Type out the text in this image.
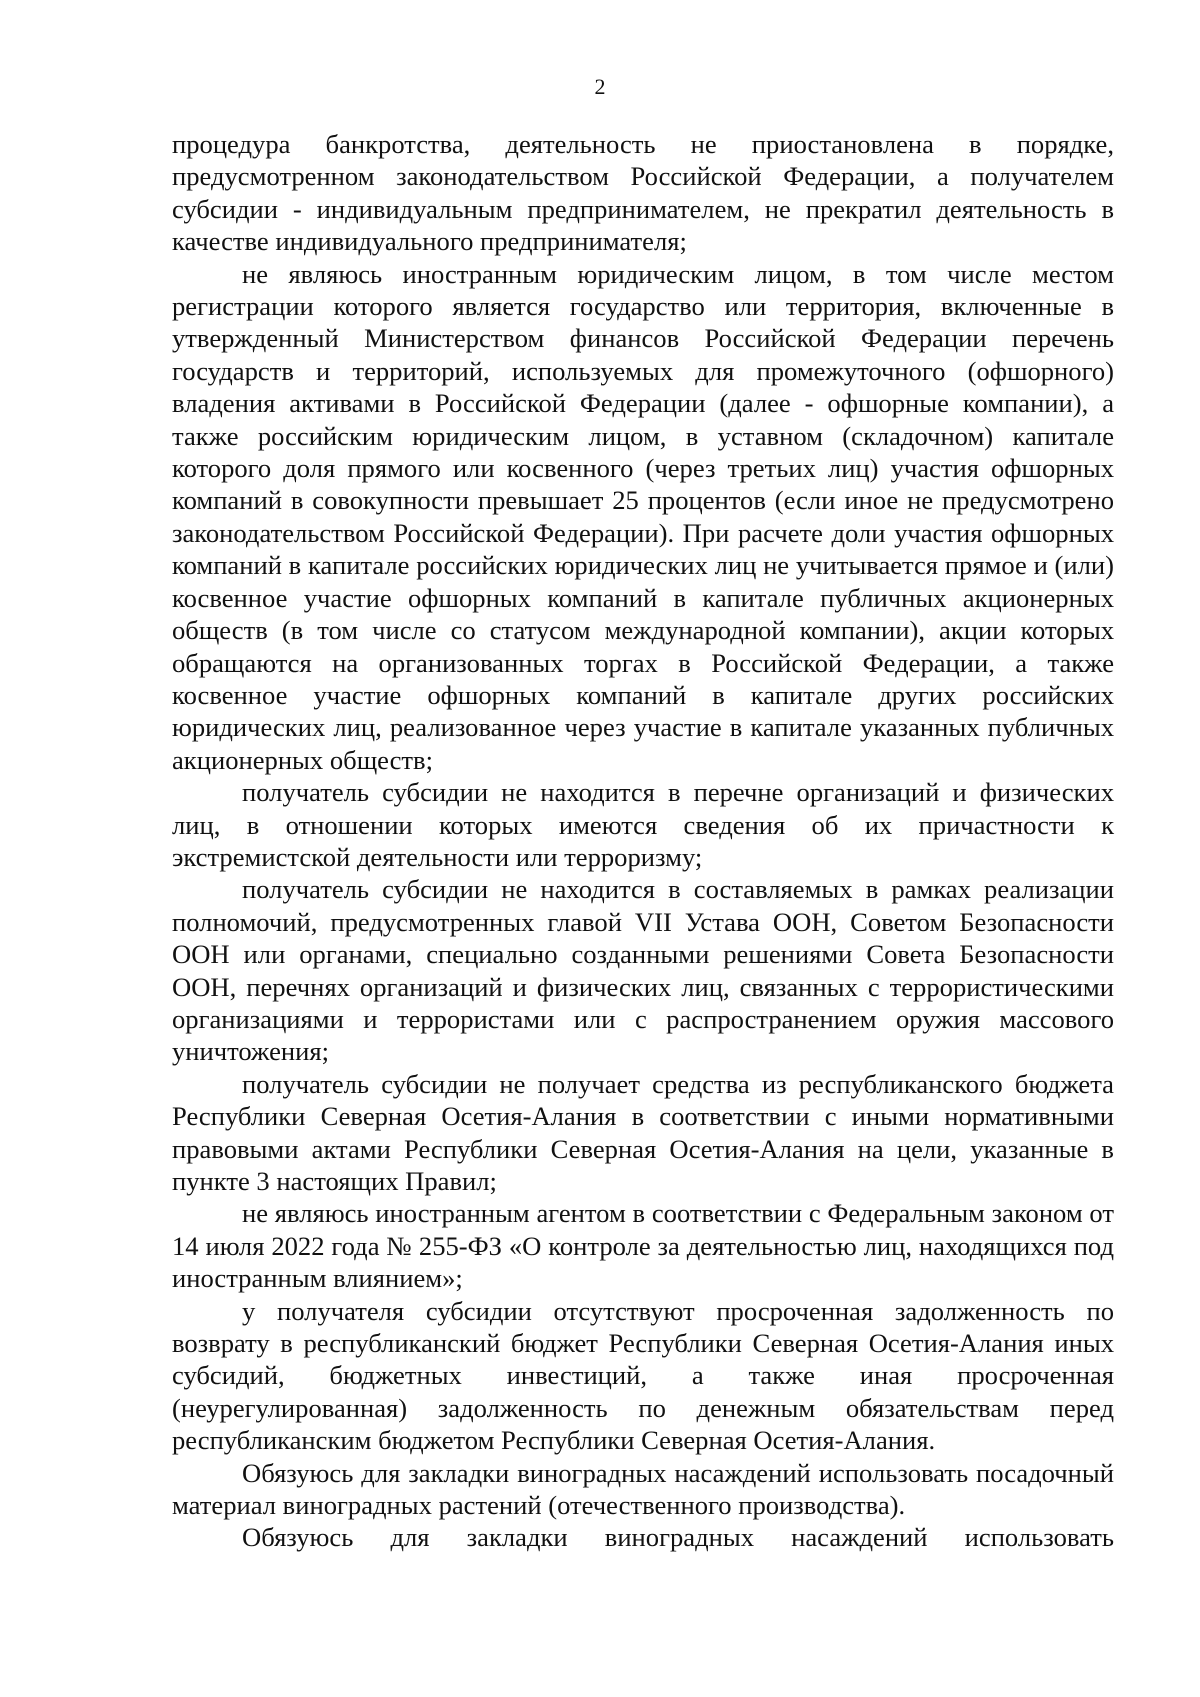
2

процедура банкротства, деятельность не приостановлена в порядке, предусмотренном законодательством Российской Федерации, а получателем субсидии - индивидуальным предпринимателем, не прекратил деятельность в качестве индивидуального предпринимателя;

не являюсь иностранным юридическим лицом, в том числе местом регистрации которого является государство или территория, включенные в утвержденный Министерством финансов Российской Федерации перечень государств и территорий, используемых для промежуточного (офшорного) владения активами в Российской Федерации (далее - офшорные компании), а также российским юридическим лицом, в уставном (складочном) капитале которого доля прямого или косвенного (через третьих лиц) участия офшорных компаний в совокупности превышает 25 процентов (если иное не предусмотрено законодательством Российской Федерации). При расчете доли участия офшорных компаний в капитале российских юридических лиц не учитывается прямое и (или) косвенное участие офшорных компаний в капитале публичных акционерных обществ (в том числе со статусом международной компании), акции которых обращаются на организованных торгах в Российской Федерации, а также косвенное участие офшорных компаний в капитале других российских юридических лиц, реализованное через участие в капитале указанных публичных акционерных обществ;

получатель субсидии не находится в перечне организаций и физических лиц, в отношении которых имеются сведения об их причастности к экстремистской деятельности или терроризму;

получатель субсидии не находится в составляемых в рамках реализации полномочий, предусмотренных главой VII Устава ООН, Советом Безопасности ООН или органами, специально созданными решениями Совета Безопасности ООН, перечнях организаций и физических лиц, связанных с террористическими организациями и террористами или с распространением оружия массового уничтожения;

получатель субсидии не получает средства из республиканского бюджета Республики Северная Осетия-Алания в соответствии с иными нормативными правовыми актами Республики Северная Осетия-Алания на цели, указанные в пункте 3 настоящих Правил;

не являюсь иностранным агентом в соответствии с Федеральным законом от 14 июля 2022 года № 255-ФЗ «О контроле за деятельностью лиц, находящихся под иностранным влиянием»;

у получателя субсидии отсутствуют просроченная задолженность по возврату в республиканский бюджет Республики Северная Осетия-Алания иных субсидий, бюджетных инвестиций, а также иная просроченная (неурегулированная) задолженность по денежным обязательствам перед республиканским бюджетом Республики Северная Осетия-Алания.

Обязуюсь для закладки виноградных насаждений использовать посадочный материал виноградных растений (отечественного производства).

Обязуюсь для закладки виноградных насаждений использовать
